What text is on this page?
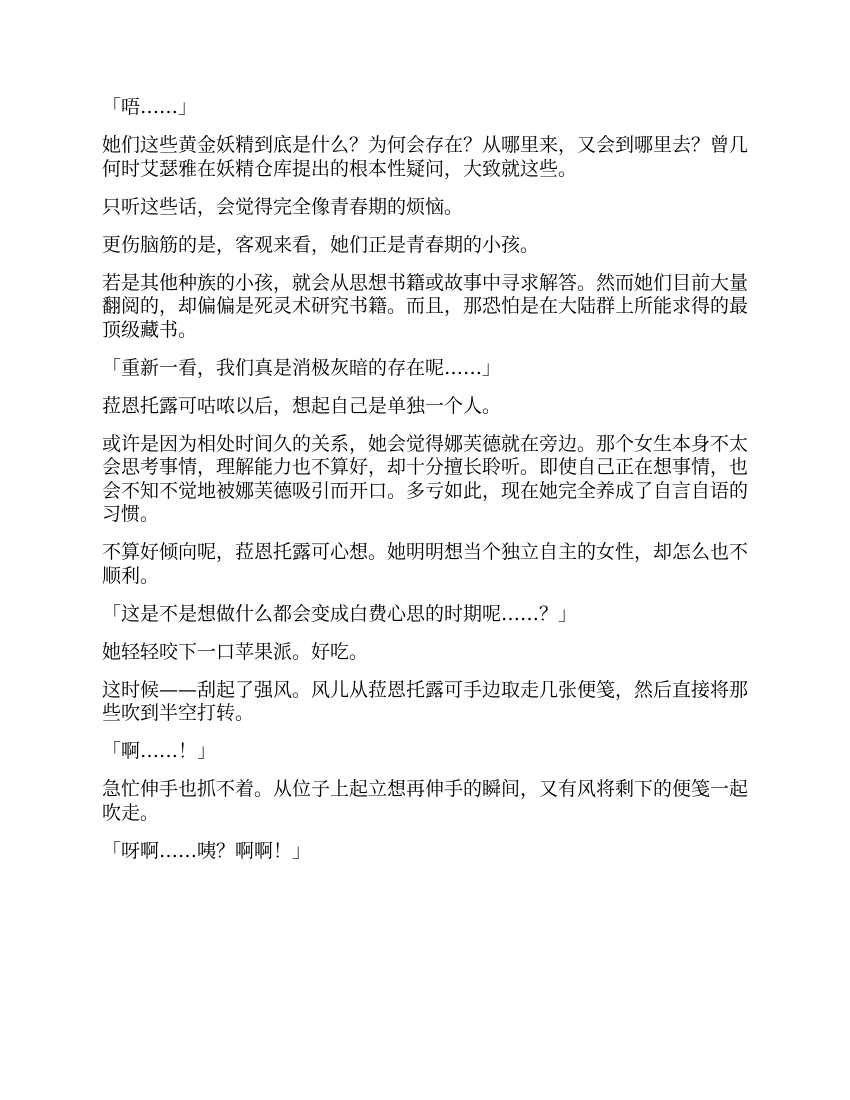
「唔……」

她们这些黄金妖精到底是什么？为何会存在？从哪里来，又会到哪里去？曾几何时艾瑟雅在妖精仓库提出的根本性疑问，大致就这些。

只听这些话，会觉得完全像青春期的烦恼。

更伤脑筋的是，客观来看，她们正是青春期的小孩。

若是其他种族的小孩，就会从思想书籍或故事中寻求解答。然而她们目前大量翻阅的，却偏偏是死灵术研究书籍。而且，那恐怕是在大陆群上所能求得的最顶级藏书。

「重新一看，我们真是消极灰暗的存在呢……」

菈恩托露可咕哝以后，想起自己是单独一个人。

或许是因为相处时间久的关系，她会觉得娜芙德就在旁边。那个女生本身不太会思考事情，理解能力也不算好，却十分擅长聆听。即使自己正在想事情，也会不知不觉地被娜芙德吸引而开口。多亏如此，现在她完全养成了自言自语的习惯。

不算好倾向呢，菈恩托露可心想。她明明想当个独立自主的女性，却怎么也不顺利。

「这是不是想做什么都会变成白费心思的时期呢……？」

她轻轻咬下一口苹果派。好吃。

这时候——刮起了强风。风儿从菈恩托露可手边取走几张便笺，然后直接将那些吹到半空打转。

「啊……！」

急忙伸手也抓不着。从位子上起立想再伸手的瞬间，又有风将剩下的便笺一起吹走。

「呀啊……咦？啊啊！」
